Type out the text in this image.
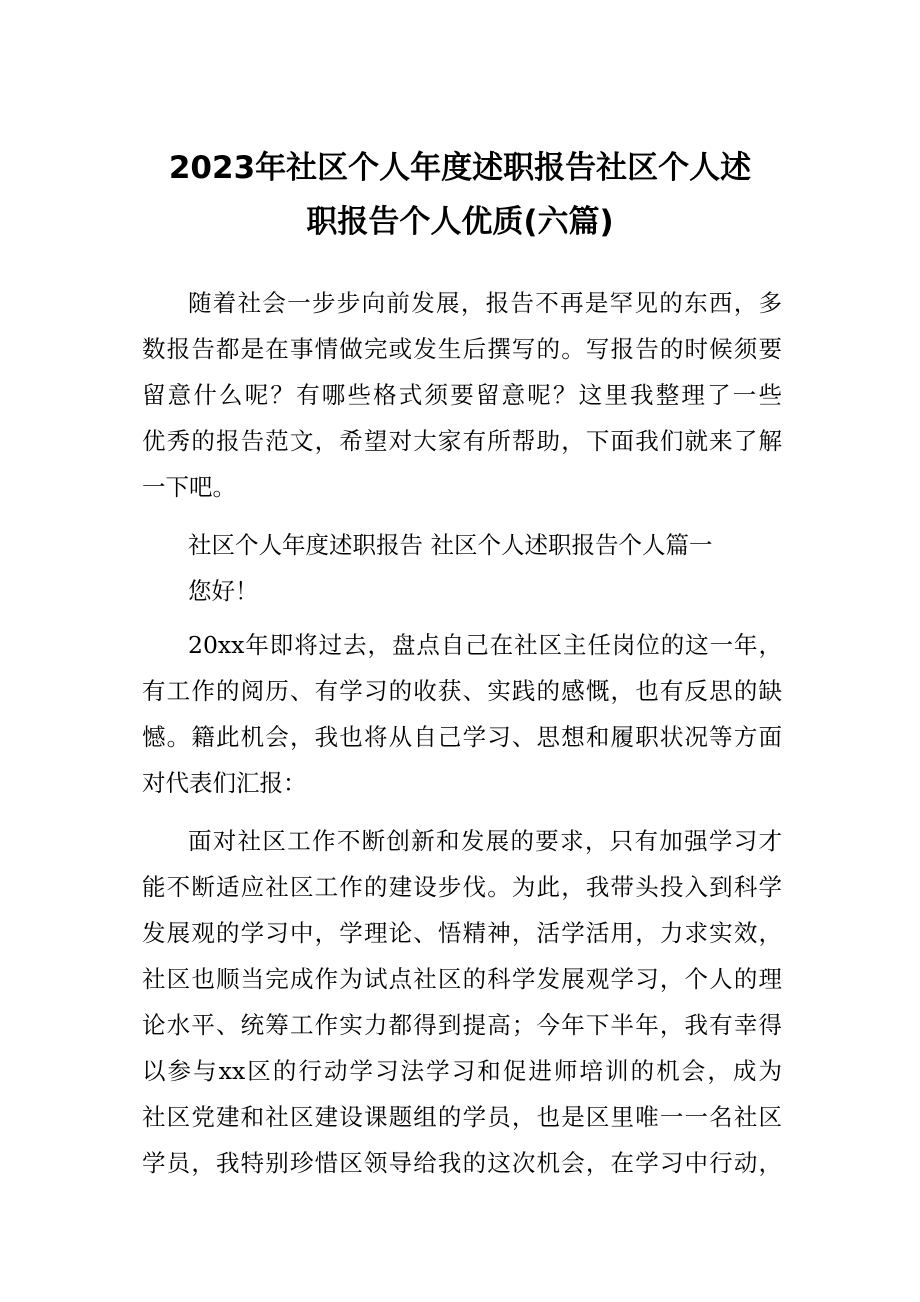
2023年社区个人年度述职报告社区个人述
职报告个人优质(六篇)

随着社会一步步向前发展，报告不再是罕见的东西，多

数报告都是在事情做完或发生后撰写的。写报告的时候须要

留意什么呢？有哪些格式须要留意呢？这里我整理了一些

优秀的报告范文，希望对大家有所帮助，下面我们就来了解

一下吧。

社区个人年度述职报告 社区个人述职报告个人篇一

您好！

20xx年即将过去，盘点自己在社区主任岗位的这一年，

有工作的阅历、有学习的收获、实践的感慨，也有反思的缺

憾。籍此机会，我也将从自己学习、思想和履职状况等方面

对代表们汇报：

面对社区工作不断创新和发展的要求，只有加强学习才

能不断适应社区工作的建设步伐。为此，我带头投入到科学

发展观的学习中，学理论、悟精神，活学活用，力求实效，

社区也顺当完成作为试点社区的科学发展观学习，个人的理

论水平、统筹工作实力都得到提高；今年下半年，我有幸得

以参与xx区的行动学习法学习和促进师培训的机会，成为

社区党建和社区建设课题组的学员，也是区里唯一一名社区

学员，我特别珍惜区领导给我的这次机会，在学习中行动，
